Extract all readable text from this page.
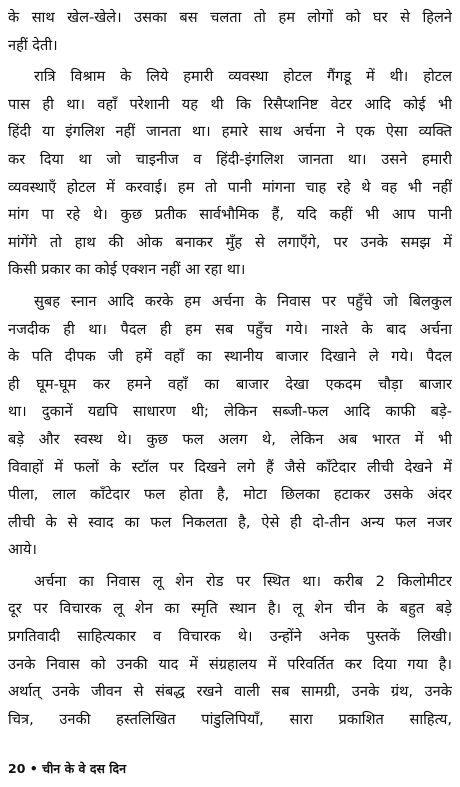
के साथ खेल-खेले। उसका बस चलता तो हम लोगों को घर से हिलने
नहीं देती।
रात्रि विश्राम के लिये हमारी व्यवस्था होटल गैंगडू में थी। होटल
पास ही था। वहाँ परेशानी यह थी कि रिसैप्शनिष्ट वेटर आदि कोई भी
हिंदी या इंगलिश नहीं जानता था। हमारे साथ अर्चना ने एक ऐसा व्यक्ति
कर दिया था जो चाइनीज व हिंदी-इंगलिश जानता था। उसने हमारी
व्यवस्थाएँ होटल में करवाई। हम तो पानी मांगना चाह रहे थे वह भी नहीं
मांग पा रहे थे। कुछ प्रतीक सार्वभौमिक हैं, यदि कहीं भी आप पानी
मांगेंगे तो हाथ की ओक बनाकर मुँह से लगाएँगे, पर उनके समझ में
किसी प्रकार का कोई एक्शन नहीं आ रहा था।
सुबह स्नान आदि करके हम अर्चना के निवास पर पहुँचे जो बिलकुल
नजदीक ही था। पैदल ही हम सब पहुँच गये। नाश्ते के बाद अर्चना
के पति दीपक जी हमें वहाँ का स्थानीय बाजार दिखाने ले गये। पैदल
ही घूम-घूम कर हमने वहाँ का बाजार देखा एकदम चौड़ा बाजार
था। दुकानें यद्यपि साधारण थी; लेकिन सब्जी-फल आदि काफी बड़े-
बड़े और स्वस्थ थे। कुछ फल अलग थे, लेकिन अब भारत में भी
विवाहों में फलों के स्टॉल पर दिखने लगे हैं जैसे काँटेदार लीची देखने में
पीला, लाल काँटेदार फल होता है, मोटा छिलका हटाकर उसके अंदर
लीची के से स्वाद का फल निकलता है, ऐसे ही दो-तीन अन्य फल नजर
आये।
अर्चना का निवास लू शेन रोड पर स्थित था। करीब 2 किलोमीटर
दूर पर विचारक लू शेन का स्मृति स्थान है। लू शेन चीन के बहुत बड़े
प्रगतिवादी साहित्यकार व विचारक थे। उन्होंने अनेक पुस्तकें लिखी।
उनके निवास को उनकी याद में संग्रहालय में परिवर्तित कर दिया गया है।
अर्थात् उनके जीवन से संबद्ध रखने वाली सब सामग्री, उनके ग्रंथ, उनके
चित्र, उनकी हस्तलिखित पांडुलिपियाँ, सारा प्रकाशित साहित्य,
20 • चीन के वे दस दिन
